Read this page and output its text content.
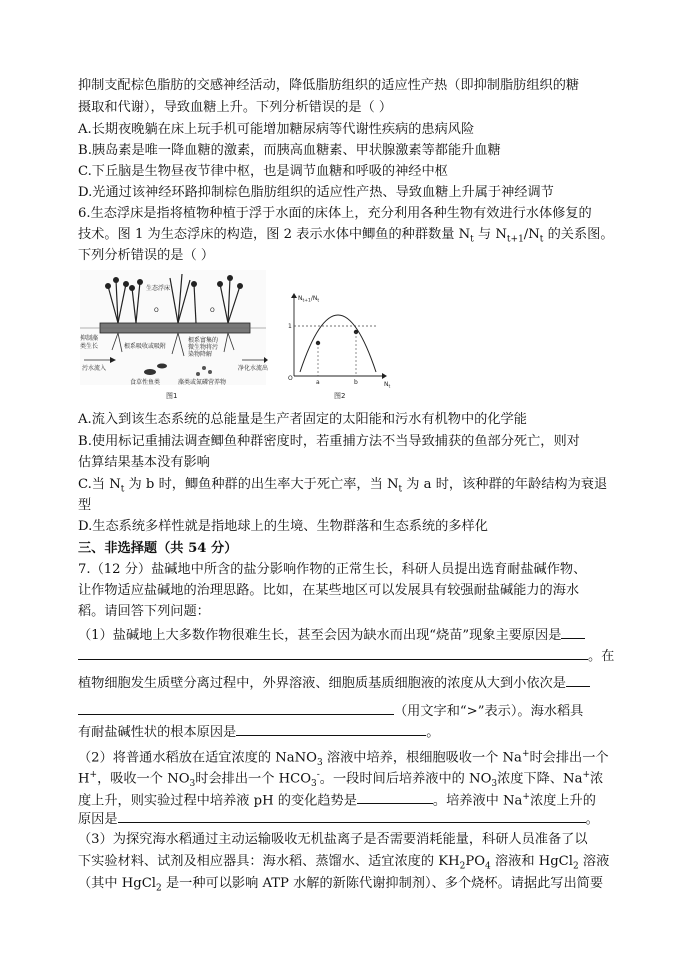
抑制支配棕色脂肪的交感神经活动，降低脂肪组织的适应性产热（即抑制脂肪组织的糖
摄取和代谢），导致血糖上升。下列分析错误的是（ ）
A.长期夜晚躺在床上玩手机可能增加糖尿病等代谢性疾病的患病风险
B.胰岛素是唯一降血糖的激素，而胰高血糖素、甲状腺激素等都能升血糖
C.下丘脑是生物昼夜节律中枢，也是调节血糖和呼吸的神经中枢
D.光通过该神经环路抑制棕色脂肪组织的适应性产热、导致血糖上升属于神经调节
6.生态浮床是指将植物种植于浮于水面的床体上，充分利用各种生物有效进行水体修复的
技术。图 1 为生态浮床的构造，图 2 表示水体中鲫鱼的种群数量 $N_t$ 与 $N_{t+1}/N_t$ 的关系图。
下列分析错误的是（ ）
生态浮床
O	O
抑制藻
类生长	根系吸收或吸附
根系富集的
微生物将污
染物降解
污水流入	净化水流出
食草性鱼类	藻类或氮磷营养物
图1
$N_{t+1}/N_t$
1
O
a	b	$N_t$
图2
A.流入到该生态系统的总能量是生产者固定的太阳能和污水有机物中的化学能
B.使用标记重捕法调查鲫鱼种群密度时，若重捕方法不当导致捕获的鱼部分死亡，则对
估算结果基本没有影响
C.当 $N_t$ 为 b 时，鲫鱼种群的出生率大于死亡率，当 $N_t$ 为 a 时，该种群的年龄结构为衰退
型
D.生态系统多样性就是指地球上的生境、生物群落和生态系统的多样化
三、非选择题（共 54 分）
7.（12 分）盐碱地中所含的盐分影响作物的正常生长，科研人员提出选育耐盐碱作物、
让作物适应盐碱地的治理思路。比如，在某些地区可以发展具有较强耐盐碱能力的海水
稻。请回答下列问题：
（1）盐碱地上大多数作物很难生长，甚至会因为缺水而出现“烧苗”现象主要原因是
。在
植物细胞发生质壁分离过程中，外界溶液、细胞质基质细胞液的浓度从大到小依次是
（用文字和“>”表示）。海水稻具
有耐盐碱性状的根本原因是	。
（2）将普通水稻放在适宜浓度的 NaNO$_3$ 溶液中培养，根细胞吸收一个 Na+时会排出一个
H+，吸收一个 $NO_3$时会排出一个 $HCO_3^-$。一段时间后培养液中的 $NO_3$浓度下降、Na+浓
度上升，则实验过程中培养液 pH 的变化趋势是	。培养液中 Na+浓度上升的
原因是	。
（3）为探究海水稻通过主动运输吸收无机盐离子是否需要消耗能量，科研人员准备了以
下实验材料、试剂及相应器具：海水稻、蒸馏水、适宜浓度的 $KH_2PO_4$ 溶液和 HgCl$_2$ 溶液
（其中 HgCl$_2$ 是一种可以影响 ATP 水解的新陈代谢抑制剂）、多个烧杯。请据此写出简要
